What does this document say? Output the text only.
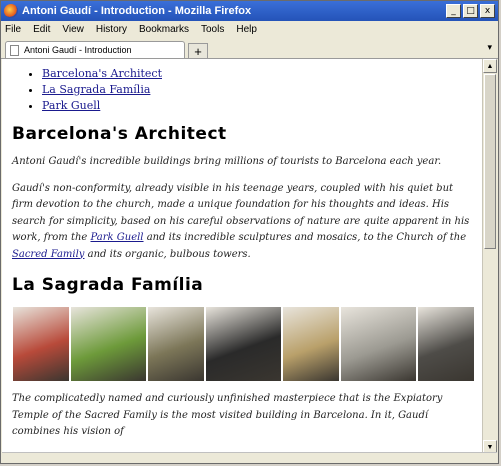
Antoni Gaudí - Introduction - Mozilla Firefox	_	□	x
File Edit View History Bookmarks Tools Help
Antoni Gaudí - Introduction	+	▾
• Barcelona's Architect
• La Sagrada Família
• Park Guell
Barcelona's Architect

Antoni Gaudí's incredible buildings bring millions of tourists to Barcelona each year.

Gaudí's non-conformity, already visible in his teenage years, coupled with his quiet but firm devotion to the church, made a unique foundation for his thoughts and ideas. His search for simplicity, based on his careful observations of nature are quite apparent in his work, from the Park Guell and its incredible sculptures and mosaics, to the Church of the Sacred Family and its organic, bulbous towers.

La Sagrada Família

The complicatedly named and curiously unfinished masterpiece that is the Expiatory Temple of the Sacred Family is the most visited building in Barcelona. In it, Gaudí combines his vision of

▲
▼
